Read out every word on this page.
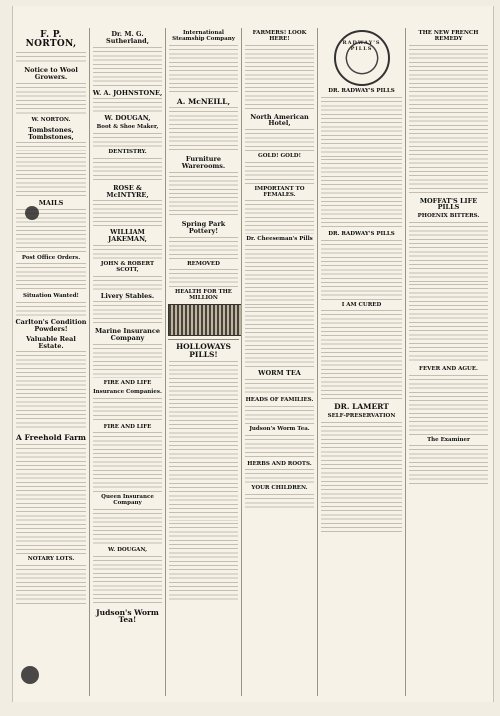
F. P. NORTON,
Notice to Wool Growers.
W. NORTON.
Tombstones, Tombstones,
MAILS
Post Office Orders.
Situation Wanted!
Carlton's Condition Powders!
Valuable Real Estate.
A Freehold Farm
NOTARY LOTS.
Dr. M. G. Sutherland,
W. A. JOHNSTONE,
W. DOUGAN,
Boot & Shoe Maker,
DENTISTRY.
ROSE & McINTYRE,
WILLIAM JAKEMAN,
JOHN & ROBERT SCOTT,
Livery Stables.
Marine Insurance Company
FIRE AND LIFE
Insurance Companies.
FIRE AND LIFE
Queen Insurance Company
W. DOUGAN,
Judson's Worm Tea!
International Steamship Company
A. McNEILL,
Furniture Warerooms.
Spring Park Pottery!
REMOVED
HEALTH FOR THE MILLION
HOLLOWAYS PILLS!
FARMERS! LOOK HERE!
North American Hotel,
GOLD! GOLD!
IMPORTANT TO FEMALES.
Dr. Cheeseman's Pills
WORM TEA
HEADS OF FAMILIES.
Judson's Worm Tea.
HERBS AND ROOTS.
YOUR CHILDREN.
RADWAY'S PILLS
DR. RADWAY'S PILLS
DR. RADWAY'S PILLS
I AM CURED
DR. LAMERT
SELF-PRESERVATION
THE NEW FRENCH REMEDY
MOFFAT'S LIFE PILLS
PHOENIX BITTERS.
FEVER AND AGUE.
The Examiner
